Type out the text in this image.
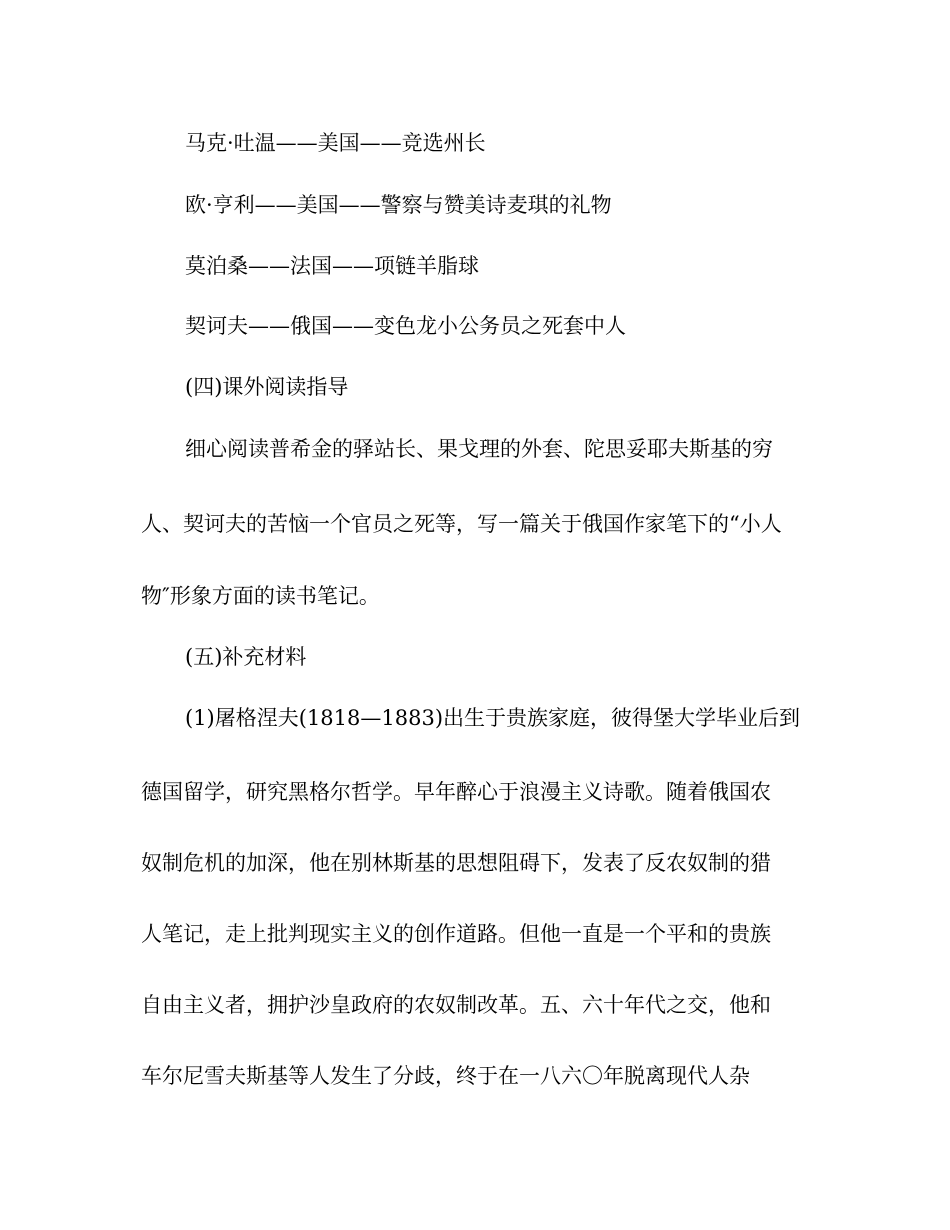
马克·吐温——美国——竞选州长
欧·亨利——美国——警察与赞美诗麦琪的礼物
莫泊桑——法国——项链羊脂球
契诃夫——俄国——变色龙小公务员之死套中人
(四)课外阅读指导
细心阅读普希金的驿站长、果戈理的外套、陀思妥耶夫斯基的穷
人、契诃夫的苦恼一个官员之死等，写一篇关于俄国作家笔下的“小人
物″形象方面的读书笔记。
(五)补充材料
(1)屠格涅夫(1818—1883)出生于贵族家庭，彼得堡大学毕业后到
德国留学，研究黑格尔哲学。早年醉心于浪漫主义诗歌。随着俄国农
奴制危机的加深，他在别林斯基的思想阻碍下，发表了反农奴制的猎
人笔记，走上批判现实主义的创作道路。但他一直是一个平和的贵族
自由主义者，拥护沙皇政府的农奴制改革。五、六十年代之交，他和
车尔尼雪夫斯基等人发生了分歧，终于在一八六〇年脱离现代人杂
